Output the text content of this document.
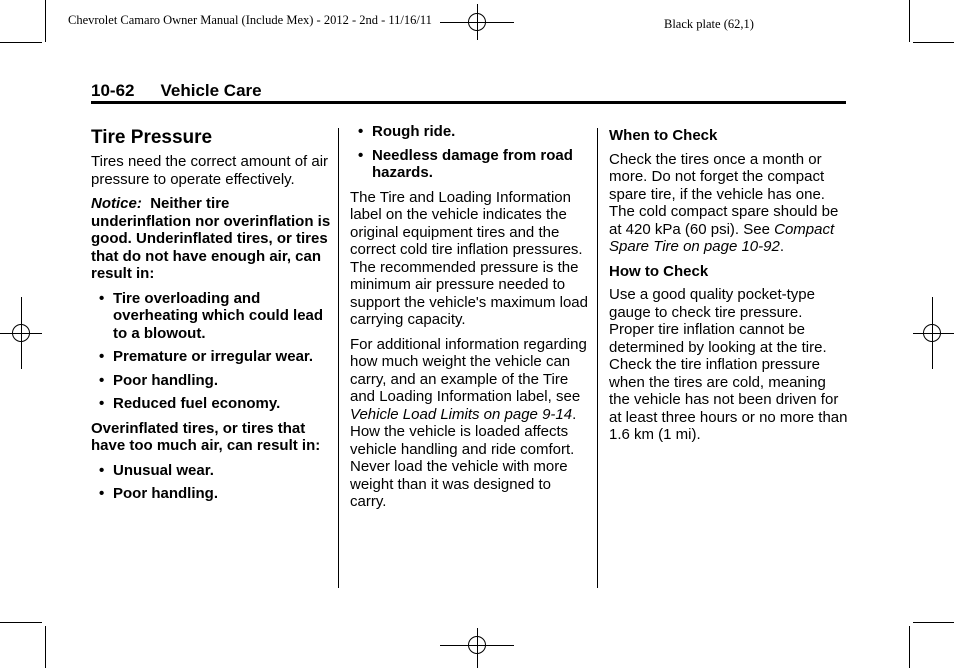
Chevrolet Camaro Owner Manual (Include Mex) - 2012 - 2nd - 11/16/11	Black plate (62,1)
10-62 Vehicle Care
Tire Pressure

Tires need the correct amount of air pressure to operate effectively.

Notice: Neither tire underinflation nor overinflation is good. Underinflated tires, or tires that do not have enough air, can result in:

• Tire overloading and overheating which could lead to a blowout.
• Premature or irregular wear.
• Poor handling.
• Reduced fuel economy.

Overinflated tires, or tires that have too much air, can result in:

• Unusual wear.
• Poor handling.
• Rough ride.
• Needless damage from road hazards.

The Tire and Loading Information label on the vehicle indicates the original equipment tires and the correct cold tire inflation pressures. The recommended pressure is the minimum air pressure needed to support the vehicle's maximum load carrying capacity.

For additional information regarding how much weight the vehicle can carry, and an example of the Tire and Loading Information label, see Vehicle Load Limits on page 9-14. How the vehicle is loaded affects vehicle handling and ride comfort. Never load the vehicle with more weight than it was designed to carry.

When to Check

Check the tires once a month or more. Do not forget the compact spare tire, if the vehicle has one. The cold compact spare should be at 420 kPa (60 psi). See Compact Spare Tire on page 10-92.

How to Check

Use a good quality pocket-type gauge to check tire pressure. Proper tire inflation cannot be determined by looking at the tire. Check the tire inflation pressure when the tires are cold, meaning the vehicle has not been driven for at least three hours or no more than 1.6 km (1 mi).
